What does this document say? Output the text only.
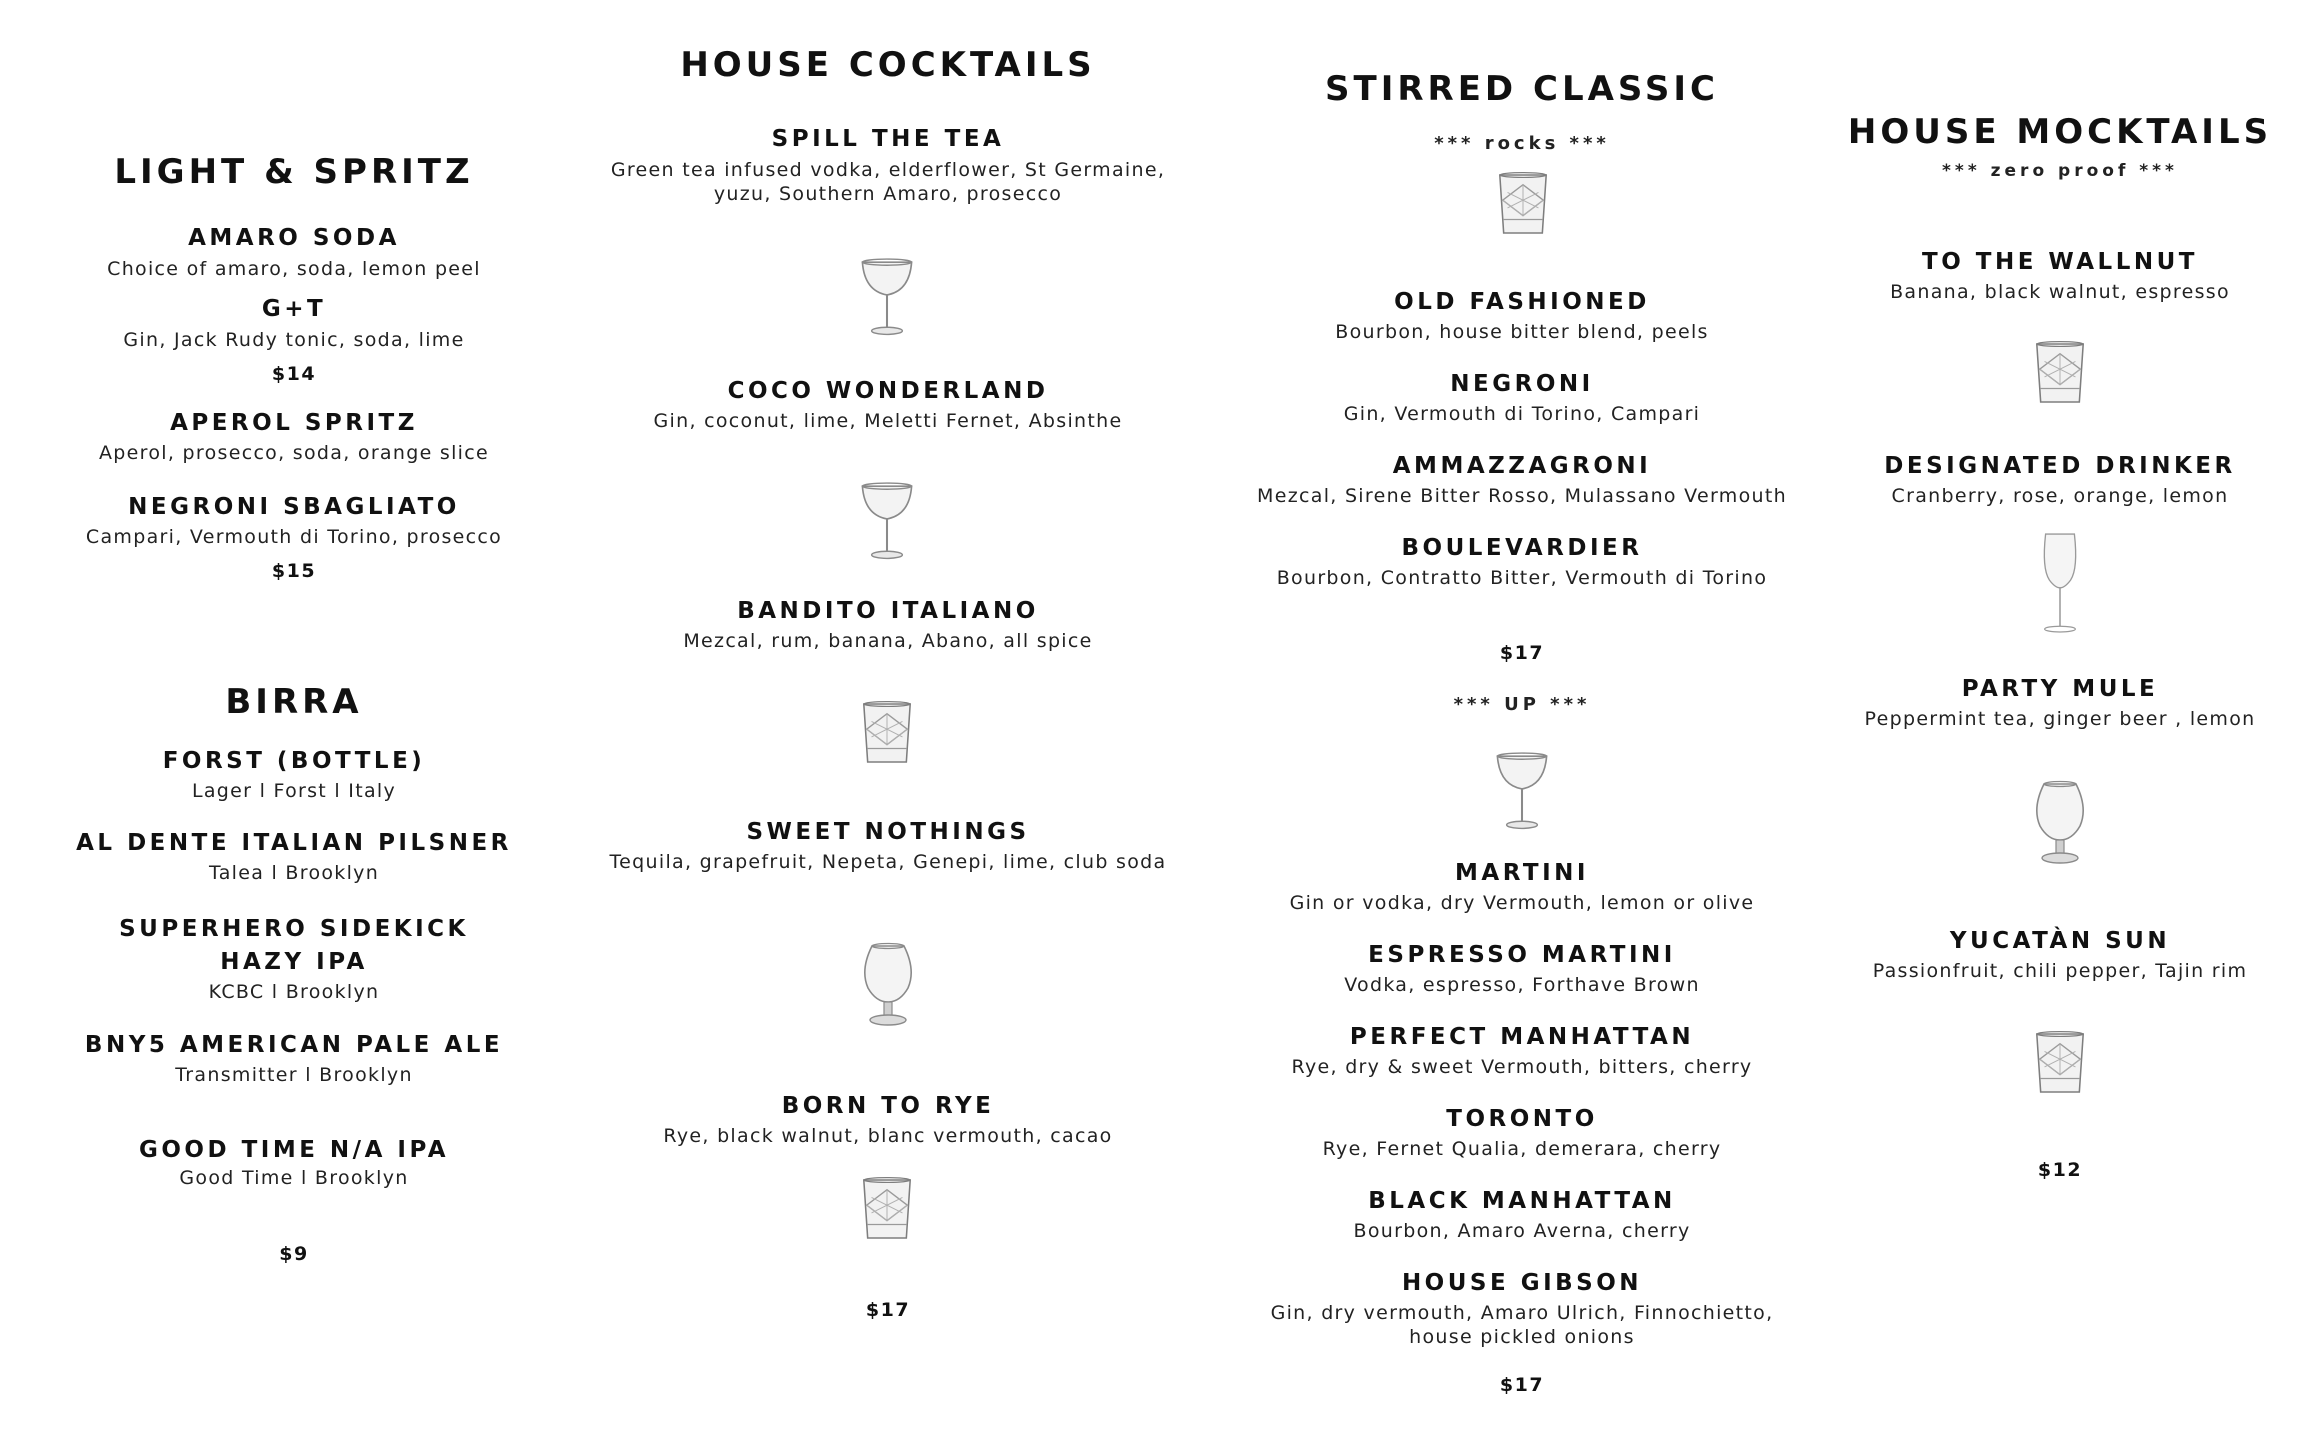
LIGHT & SPRITZ
AMARO SODA
Choice of amaro, soda, lemon peel
G+T
Gin, Jack Rudy tonic, soda, lime
$14
APEROL SPRITZ
Aperol, prosecco, soda, orange slice
NEGRONI SBAGLIATO
Campari, Vermouth di Torino, prosecco
$15
BIRRA
FORST (BOTTLE)
Lager l Forst l Italy
AL DENTE ITALIAN PILSNER
Talea l Brooklyn
SUPERHERO SIDEKICK
HAZY IPA
KCBC l Brooklyn
BNY5 AMERICAN PALE ALE
Transmitter l Brooklyn
GOOD TIME N/A IPA
Good Time l Brooklyn
$9
HOUSE COCKTAILS
SPILL THE TEA
Green tea infused vodka, elderflower, St Germaine,
yuzu, Southern Amaro, prosecco
COCO WONDERLAND
Gin, coconut, lime, Meletti Fernet, Absinthe
BANDITO ITALIANO
Mezcal, rum, banana, Abano, all spice
SWEET NOTHINGS
Tequila, grapefruit, Nepeta, Genepi, lime, club soda
BORN TO RYE
Rye, black walnut, blanc vermouth, cacao
$17
STIRRED CLASSIC
*** rocks ***
OLD FASHIONED
Bourbon, house bitter blend, peels
NEGRONI
Gin, Vermouth di Torino, Campari
AMMAZZAGRONI
Mezcal, Sirene Bitter Rosso, Mulassano Vermouth
BOULEVARDIER
Bourbon, Contratto Bitter, Vermouth di Torino
$17
*** UP ***
MARTINI
Gin or vodka, dry Vermouth, lemon or olive
ESPRESSO MARTINI
Vodka, espresso, Forthave Brown
PERFECT MANHATTAN
Rye, dry & sweet Vermouth, bitters, cherry
TORONTO
Rye, Fernet Qualia, demerara, cherry
BLACK MANHATTAN
Bourbon, Amaro Averna, cherry
HOUSE GIBSON
Gin, dry vermouth, Amaro Ulrich, Finnochietto,
house pickled onions
$17
HOUSE MOCKTAILS
*** zero proof ***
TO THE WALLNUT
Banana, black walnut, espresso
DESIGNATED DRINKER
Cranberry, rose, orange, lemon
PARTY MULE
Peppermint tea, ginger beer , lemon
YUCATÀN SUN
Passionfruit, chili pepper, Tajin rim
$12
